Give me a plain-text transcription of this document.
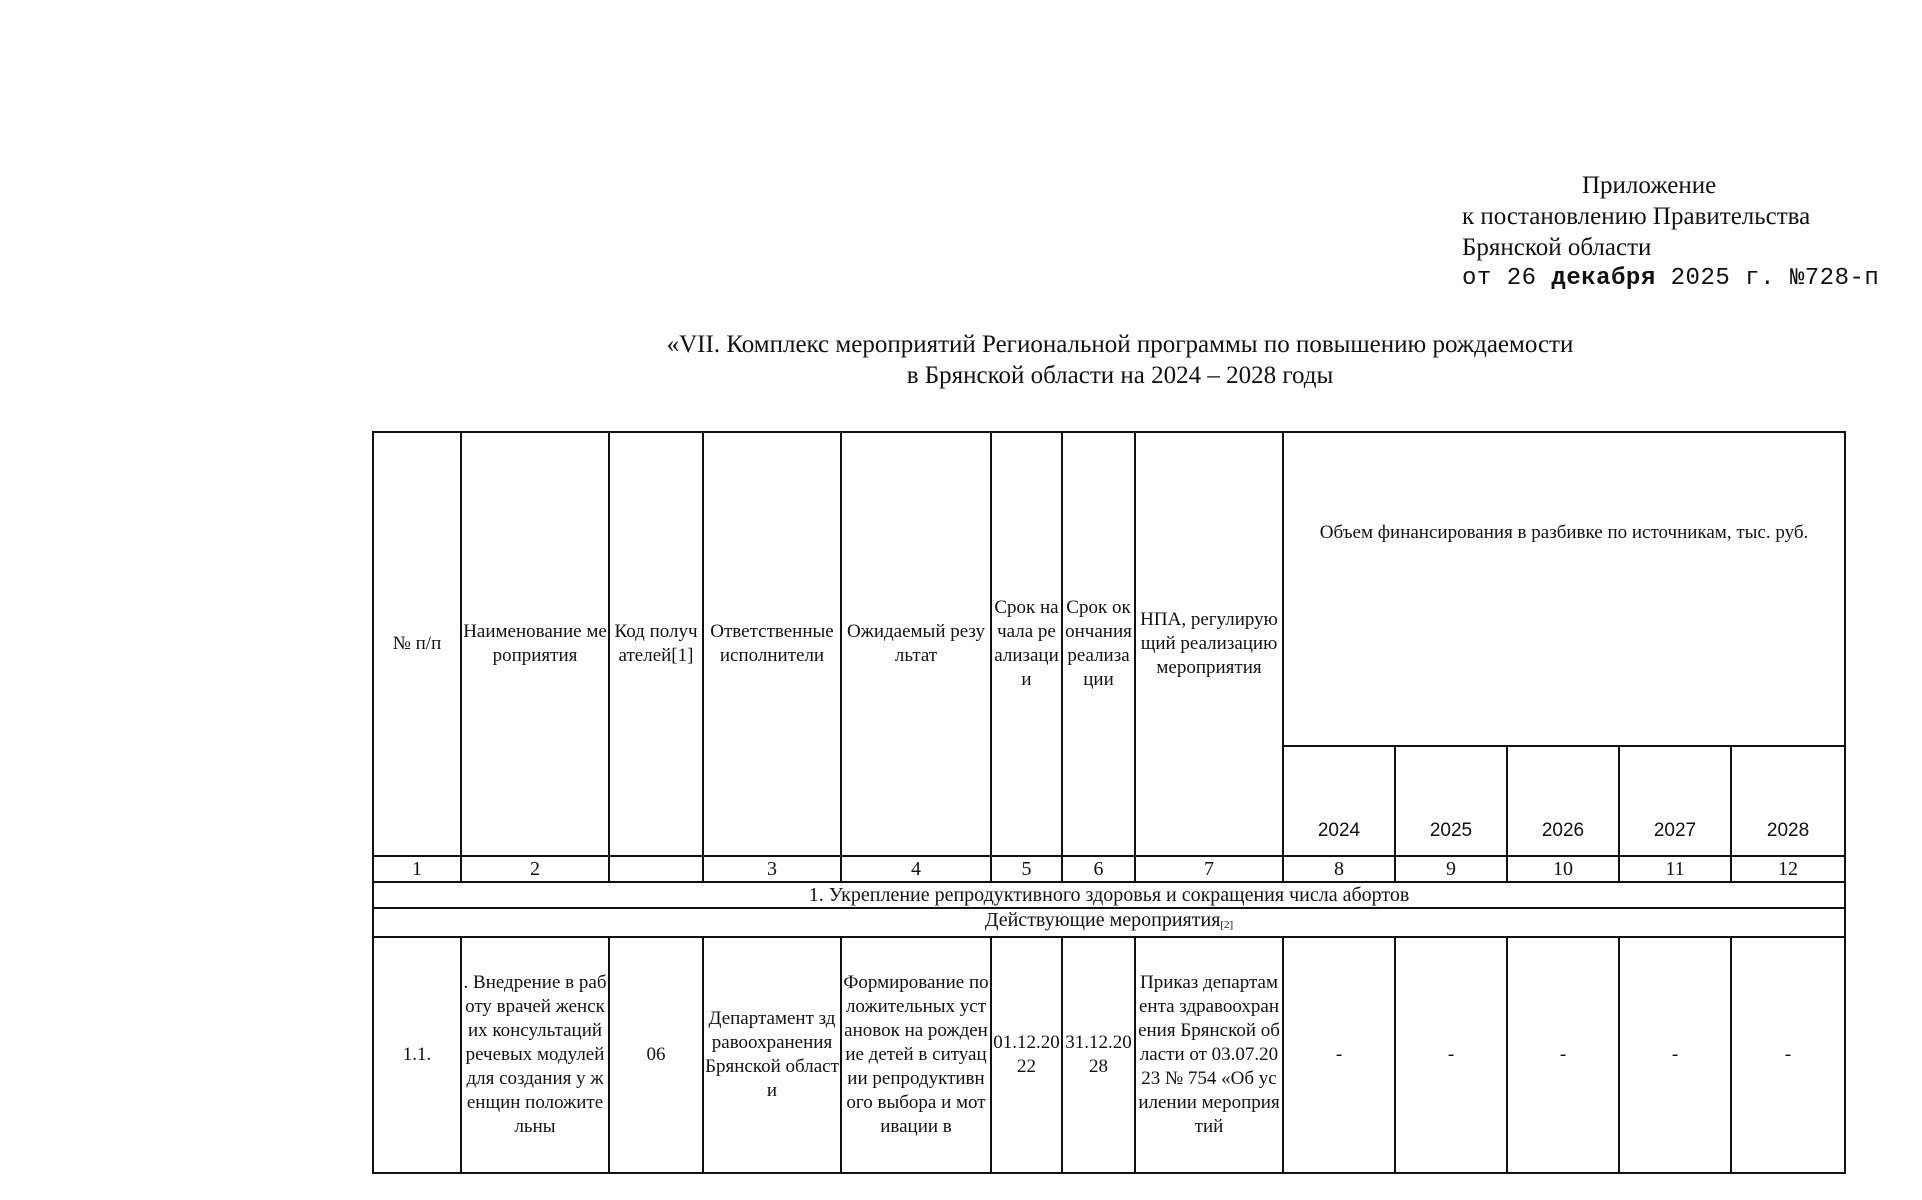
Приложение
к постановлению Правительства
Брянской области
от 26 декабря 2025 г. №728-п
«VII. Комплекс мероприятий Региональной программы по повышению рождаемости
в Брянской области на 2024 – 2028 годы
№ п/п	Наименование мероприятия	Код получателей[1]	Ответственные исполнители	Ожидаемый результат	Срок начала реализации	Срок окончания реализации	НПА, регулирующий реализацию мероприятия	Объем финансирования в разбивке по источникам, тыс. руб.				
								2024	2025	2026	2027	2028
1	2		3	4	5	6	7	8	9	10	11	12
1. Укрепление репродуктивного здоровья и сокращения числа абортов												
Действующие мероприятия$_{[2]}$
1.1.	. Внедрение в работу врачей женских консультаций речевых модулей для создания у женщин положительны	06	Департамент здравоохранения Брянской области	Формирование положительных установок на рождение детей в ситуации репродуктивного выбора и мотивации в	01.12.2022	31.12.2028	Приказ департамента здравоохранения Брянской области от 03.07.2023 № 754 «Об усилении мероприятий	-	-	-	-	-
